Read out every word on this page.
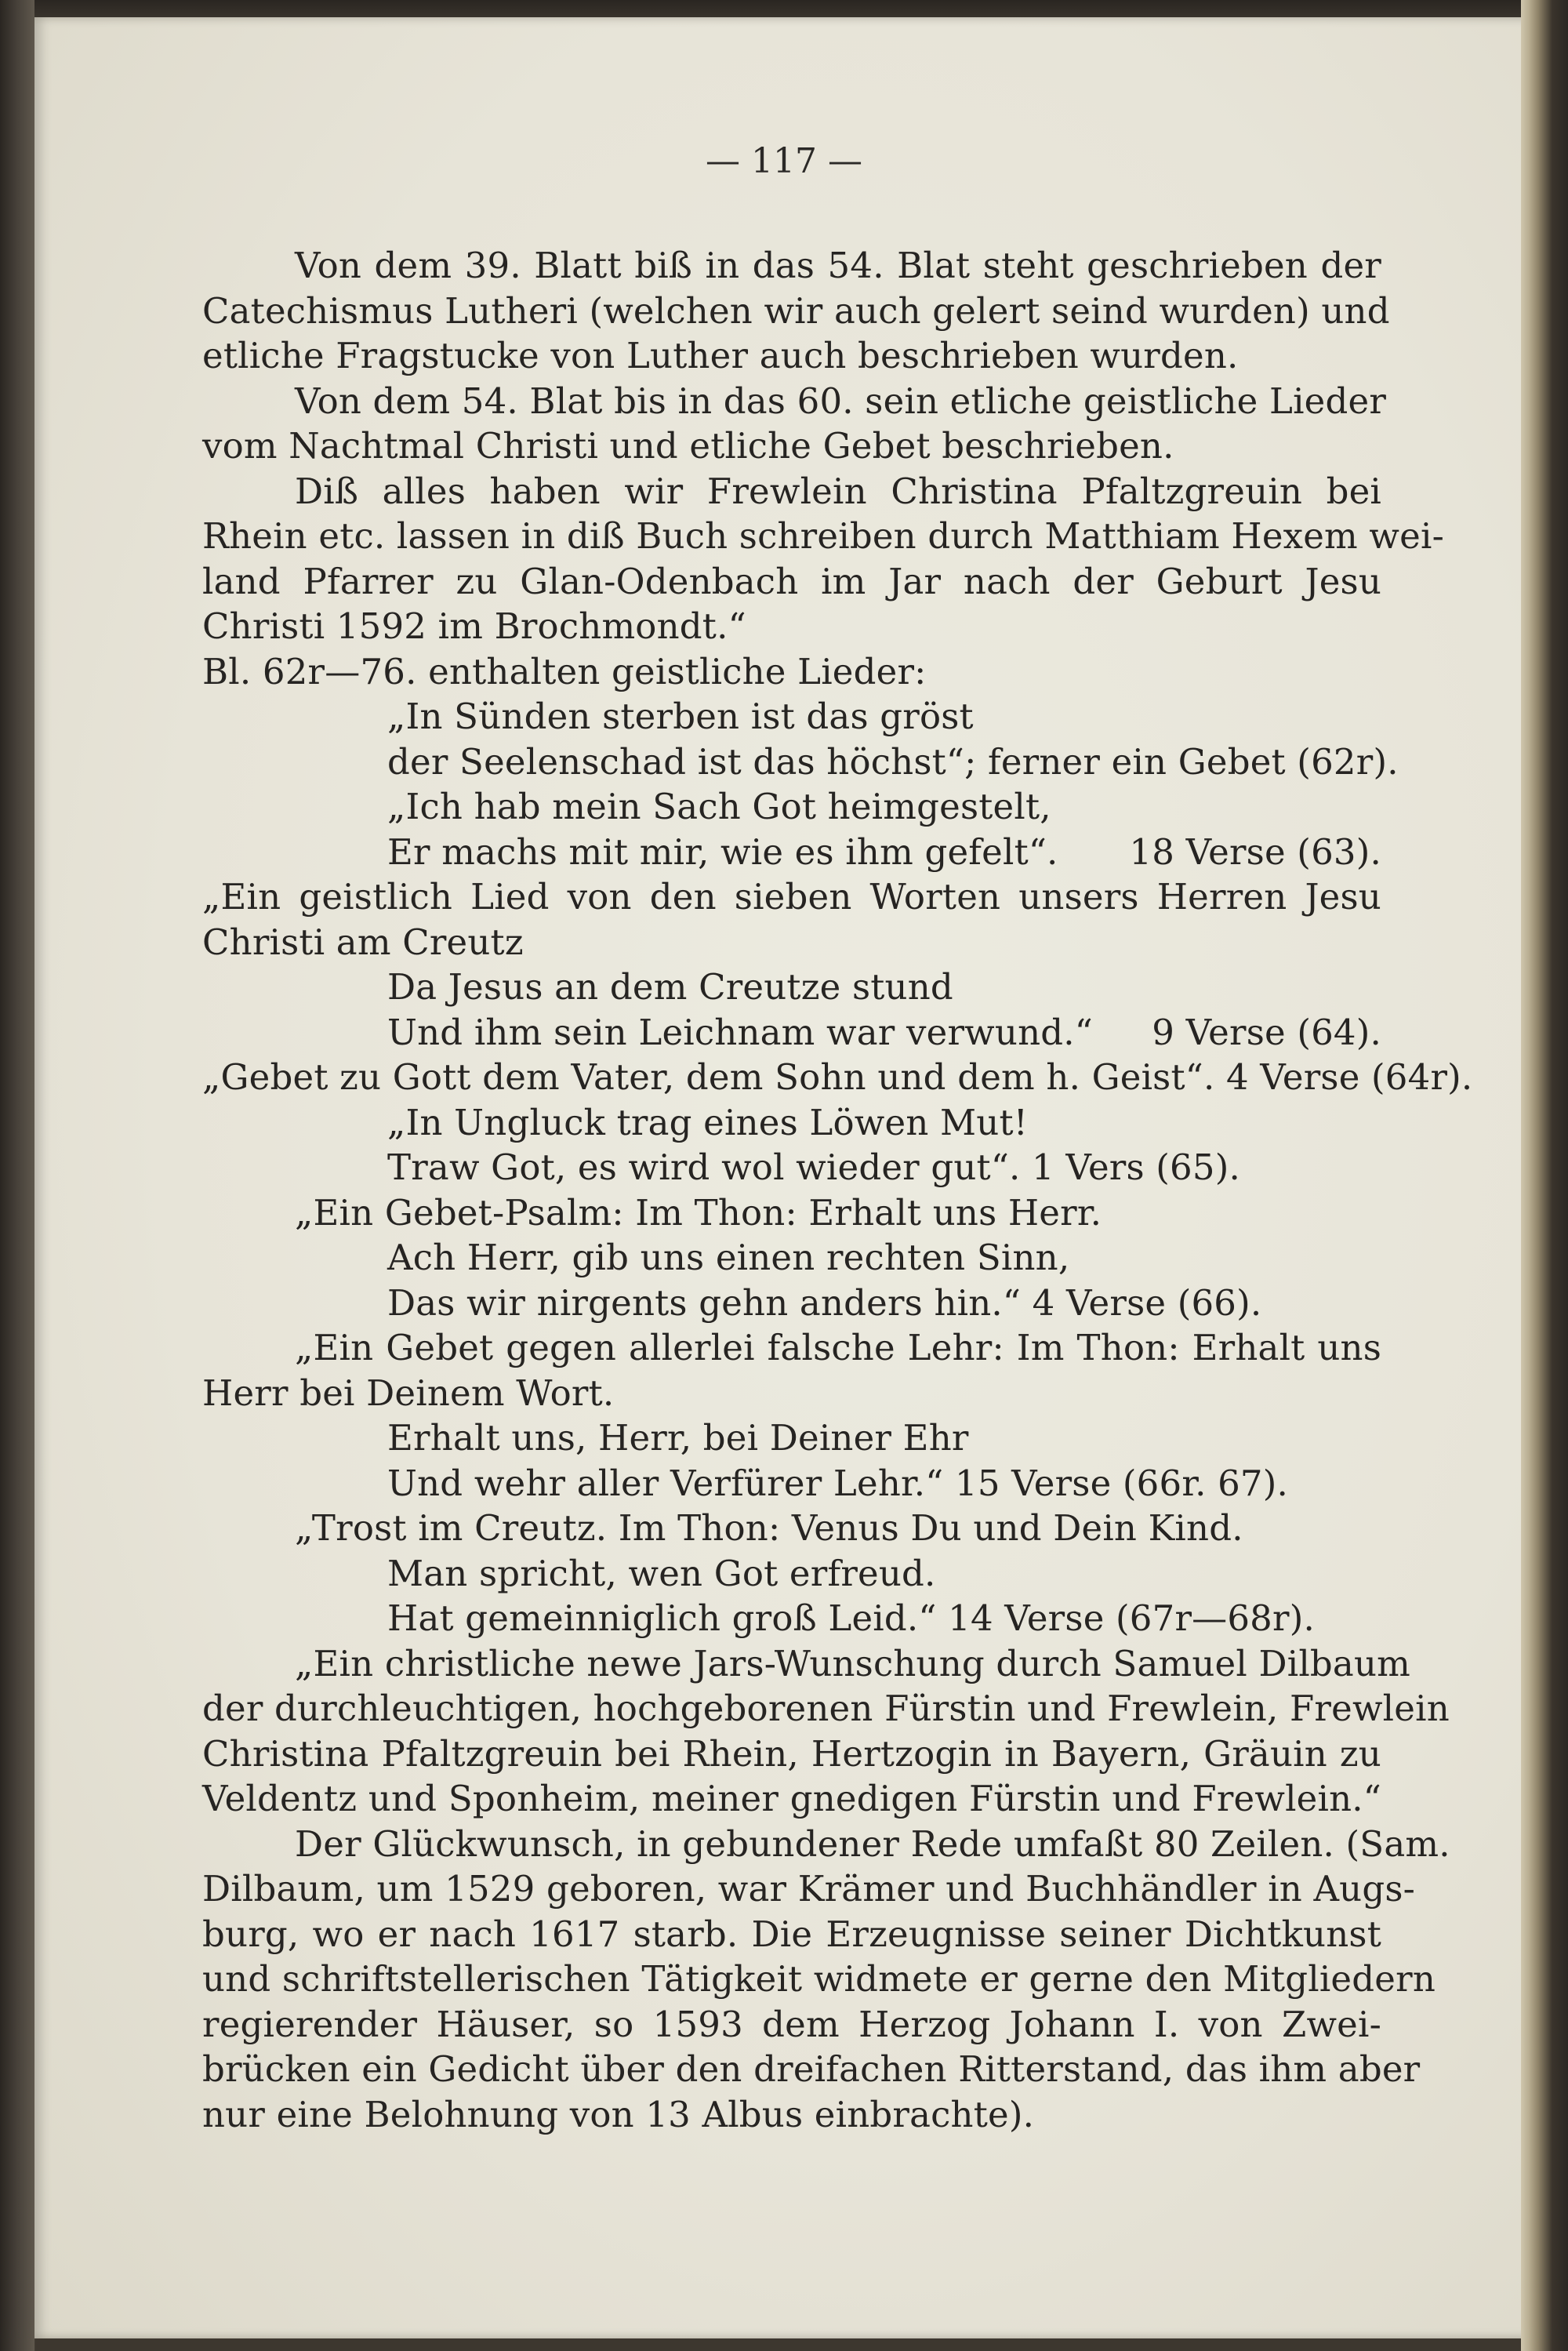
— 117 —
Von dem 39. Blatt biß in das 54. Blat steht geschrieben der
Catechismus Lutheri (welchen wir auch gelert seind wurden) und
etliche Fragstucke von Luther auch beschrieben wurden.
Von dem 54. Blat bis in das 60. sein etliche geistliche Lieder
vom Nachtmal Christi und etliche Gebet beschrieben.
Diß alles haben wir Frewlein Christina Pfaltzgreuin bei
Rhein etc. lassen in diß Buch schreiben durch Matthiam Hexem wei-
land Pfarrer zu Glan-Odenbach im Jar nach der Geburt Jesu
Christi 1592 im Brochmondt.“
Bl. 62r—76. enthalten geistliche Lieder:
„In Sünden sterben ist das gröst
der Seelenschad ist das höchst“; ferner ein Gebet (62r).
„Ich hab mein Sach Got heimgestelt,
Er machs mit mir, wie es ihm gefelt“. 18 Verse (63).
„Ein geistlich Lied von den sieben Worten unsers Herren Jesu
Christi am Creutz
Da Jesus an dem Creutze stund
Und ihm sein Leichnam war verwund.“ 9 Verse (64).
„Gebet zu Gott dem Vater, dem Sohn und dem h. Geist“. 4 Verse (64r).
„In Ungluck trag eines Löwen Mut!
Traw Got, es wird wol wieder gut“. 1 Vers (65).
„Ein Gebet-Psalm: Im Thon: Erhalt uns Herr.
Ach Herr, gib uns einen rechten Sinn,
Das wir nirgents gehn anders hin.“ 4 Verse (66).
„Ein Gebet gegen allerlei falsche Lehr: Im Thon: Erhalt uns
Herr bei Deinem Wort.
Erhalt uns, Herr, bei Deiner Ehr
Und wehr aller Verfürer Lehr.“ 15 Verse (66r. 67).
„Trost im Creutz. Im Thon: Venus Du und Dein Kind.
Man spricht, wen Got erfreud.
Hat gemeinniglich groß Leid.“ 14 Verse (67r—68r).
„Ein christliche newe Jars-Wunschung durch Samuel Dilbaum
der durchleuchtigen, hochgeborenen Fürstin und Frewlein, Frewlein
Christina Pfaltzgreuin bei Rhein, Hertzogin in Bayern, Gräuin zu
Veldentz und Sponheim, meiner gnedigen Fürstin und Frewlein.“
Der Glückwunsch, in gebundener Rede umfaßt 80 Zeilen. (Sam.
Dilbaum, um 1529 geboren, war Krämer und Buchhändler in Augs-
burg, wo er nach 1617 starb. Die Erzeugnisse seiner Dichtkunst
und schriftstellerischen Tätigkeit widmete er gerne den Mitgliedern
regierender Häuser, so 1593 dem Herzog Johann I. von Zwei-
brücken ein Gedicht über den dreifachen Ritterstand, das ihm aber
nur eine Belohnung von 13 Albus einbrachte).
